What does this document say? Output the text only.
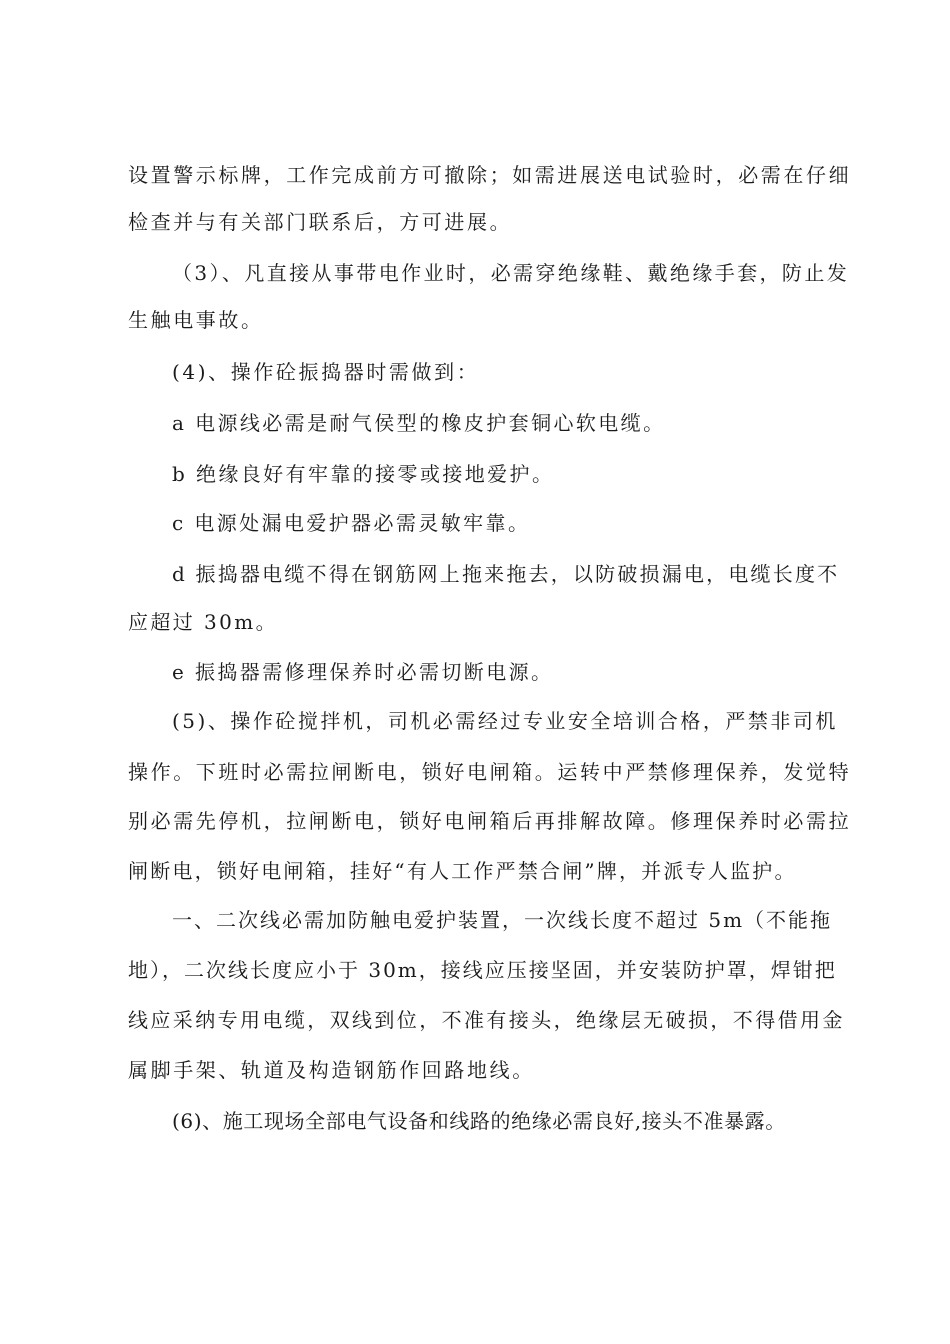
设置警示标牌，工作完成前方可撤除；如需进展送电试验时，必需在仔细

检查并与有关部门联系后，方可进展。

（3）、凡直接从事带电作业时，必需穿绝缘鞋、戴绝缘手套，防止发

生触电事故。

(4)、操作砼振捣器时需做到：

a 电源线必需是耐气侯型的橡皮护套铜心软电缆。

b 绝缘良好有牢靠的接零或接地爱护。

c 电源处漏电爱护器必需灵敏牢靠。

d 振捣器电缆不得在钢筋网上拖来拖去，以防破损漏电，电缆长度不

应超过 30m。

e 振捣器需修理保养时必需切断电源。

(5)、操作砼搅拌机，司机必需经过专业安全培训合格，严禁非司机

操作。下班时必需拉闸断电，锁好电闸箱。运转中严禁修理保养，发觉特

别必需先停机，拉闸断电，锁好电闸箱后再排解故障。修理保养时必需拉

闸断电，锁好电闸箱，挂好“有人工作严禁合闸”牌，并派专人监护。

一、二次线必需加防触电爱护装置，一次线长度不超过 5m（不能拖

地），二次线长度应小于 30m，接线应压接坚固，并安装防护罩，焊钳把

线应采纳专用电缆，双线到位，不准有接头，绝缘层无破损，不得借用金

属脚手架、轨道及构造钢筋作回路地线。

(6)、施工现场全部电气设备和线路的绝缘必需良好,接头不准暴露。
